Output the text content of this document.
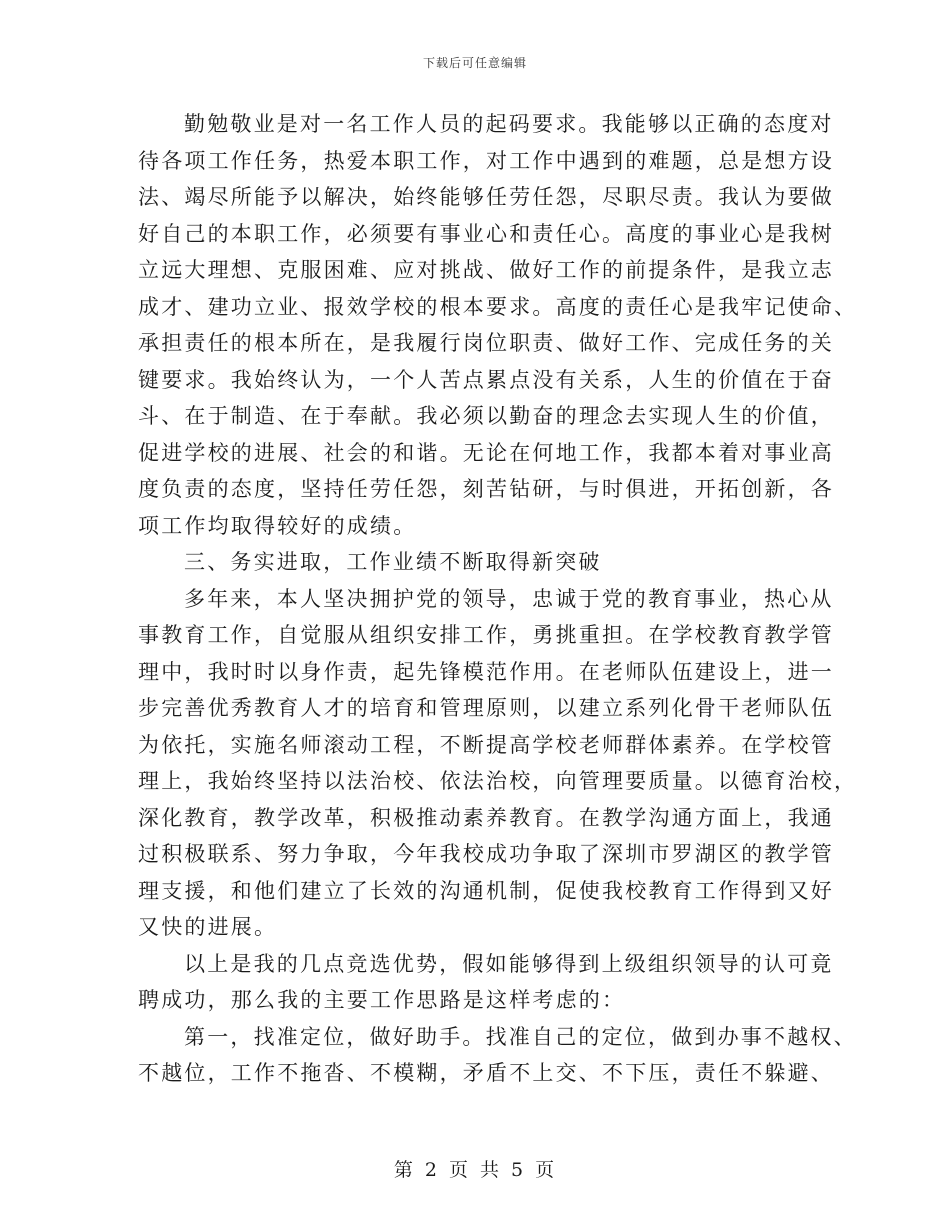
下载后可任意编辑
勤勉敬业是对一名工作人员的起码要求。我能够以正确的态度对
待各项工作任务，热爱本职工作，对工作中遇到的难题，总是想方设
法、竭尽所能予以解决，始终能够任劳任怨，尽职尽责。我认为要做
好自己的本职工作，必须要有事业心和责任心。高度的事业心是我树
立远大理想、克服困难、应对挑战、做好工作的前提条件，是我立志
成才、建功立业、报效学校的根本要求。高度的责任心是我牢记使命、
承担责任的根本所在，是我履行岗位职责、做好工作、完成任务的关
键要求。我始终认为，一个人苦点累点没有关系，人生的价值在于奋
斗、在于制造、在于奉献。我必须以勤奋的理念去实现人生的价值，
促进学校的进展、社会的和谐。无论在何地工作，我都本着对事业高
度负责的态度，坚持任劳任怨，刻苦钻研，与时俱进，开拓创新，各
项工作均取得较好的成绩。
三、务实进取，工作业绩不断取得新突破
多年来，本人坚决拥护党的领导，忠诚于党的教育事业，热心从
事教育工作，自觉服从组织安排工作，勇挑重担。在学校教育教学管
理中，我时时以身作责，起先锋模范作用。在老师队伍建设上，进一
步完善优秀教育人才的培育和管理原则，以建立系列化骨干老师队伍
为依托，实施名师滚动工程，不断提高学校老师群体素养。在学校管
理上，我始终坚持以法治校、依法治校，向管理要质量。以德育治校，
深化教育，教学改革，积极推动素养教育。在教学沟通方面上，我通
过积极联系、努力争取，今年我校成功争取了深圳市罗湖区的教学管
理支援，和他们建立了长效的沟通机制，促使我校教育工作得到又好
又快的进展。
以上是我的几点竞选优势，假如能够得到上级组织领导的认可竟
聘成功，那么我的主要工作思路是这样考虑的：
第一，找准定位，做好助手。找准自己的定位，做到办事不越权、
不越位，工作不拖沓、不模糊，矛盾不上交、不下压，责任不躲避、
第 2 页 共 5 页
